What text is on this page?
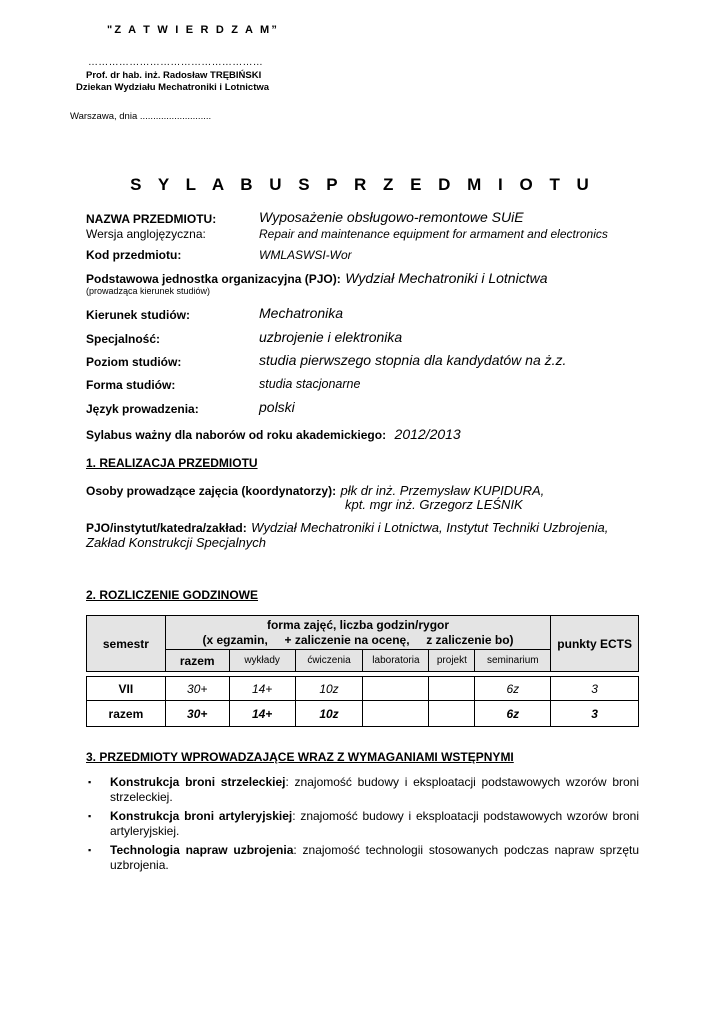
"Z A T W I E R D Z A M”
……………………………………………
Prof. dr hab. inż. Radosław TRĘBIŃSKI
Dziekan Wydziału Mechatroniki i Lotnictwa
Warszawa, dnia ...........................
S Y L A B U S P R Z E D M I O T U
NAZWA PRZEDMIOTU:	Wyposażenie obsługowo-remontowe SUiE
Wersja anglojęzyczna:	Repair and maintenance equipment for armament and electronics
Kod przedmiotu:	WMLASWSI-Wor
Podstawowa jednostka organizacyjna (PJO): Wydział Mechatroniki i Lotnictwa
(prowadząca kierunek studiów)
Kierunek studiów:	Mechatronika
Specjalność:	uzbrojenie i elektronika
Poziom studiów:	studia pierwszego stopnia dla kandydatów na ż.z.
Forma studiów:	studia stacjonarne
Język prowadzenia:	polski
Sylabus ważny dla naborów od roku akademickiego: 2012/2013
1. REALIZACJA PRZEDMIOTU
Osoby prowadzące zajęcia (koordynatorzy): płk dr inż. Przemysław KUPIDURA,
kpt. mgr inż. Grzegorz LEŚNIK
PJO/instytut/katedra/zakład: Wydział Mechatroniki i Lotnictwa, Instytut Techniki Uzbrojenia,
Zakład Konstrukcji Specjalnych
2. ROZLICZENIE GODZINOWE
semestr	forma zajęć, liczba godzin/rygor
(x egzamin,     + zaliczenie na ocenę,     z zaliczenie bo)						punkty ECTS
	razem	wykłady	ćwiczenia	laboratoria	projekt	seminarium	

VII	30+	14+	10z			6z	3
razem	30+	14+	10z			6z	3
3. PRZEDMIOTY WPROWADZAJĄCE WRAZ Z WYMAGANIAMI WSTĘPNYMI
▪ Konstrukcja broni strzeleckiej: znajomość budowy i eksploatacji podstawowych wzorów broni strzeleckiej.
▪ Konstrukcja broni artyleryjskiej: znajomość budowy i eksploatacji podstawowych wzorów broni artyleryjskiej.
▪ Technologia napraw uzbrojenia: znajomość technologii stosowanych podczas napraw sprzętu uzbrojenia.
